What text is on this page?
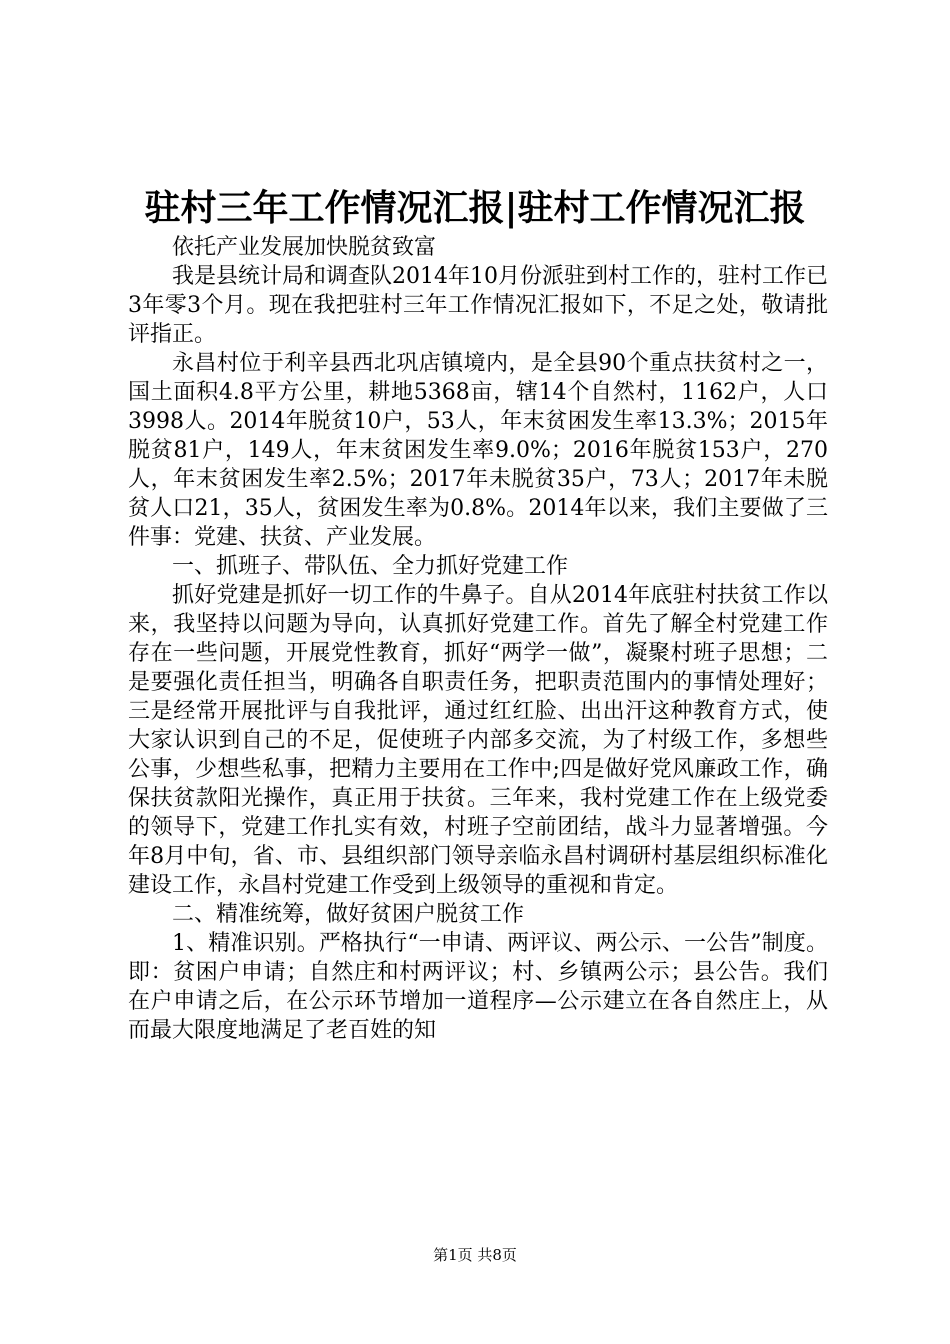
驻村三年工作情况汇报|驻村工作情况汇报

依托产业发展加快脱贫致富

我是县统计局和调查队2014年10月份派驻到村工作的，驻村工作已3年零3个月。现在我把驻村三年工作情况汇报如下，不足之处，敬请批评指正。

永昌村位于利辛县西北巩店镇境内，是全县90个重点扶贫村之一，国土面积4.8平方公里，耕地5368亩，辖14个自然村，1162户，人口3998人。2014年脱贫10户，53人，年末贫困发生率13.3%；2015年脱贫81户，149人，年末贫困发生率9.0%；2016年脱贫153户，270人，年末贫困发生率2.5%；2017年未脱贫35户，73人；2017年未脱贫人口21，35人，贫困发生率为0.8%。2014年以来，我们主要做了三件事：党建、扶贫、产业发展。

一、抓班子、带队伍、全力抓好党建工作

抓好党建是抓好一切工作的牛鼻子。自从2014年底驻村扶贫工作以来，我坚持以问题为导向，认真抓好党建工作。首先了解全村党建工作存在一些问题，开展党性教育，抓好“两学一做”，凝聚村班子思想；二是要强化责任担当，明确各自职责任务，把职责范围内的事情处理好；三是经常开展批评与自我批评，通过红红脸、出出汗这种教育方式，使大家认识到自己的不足，促使班子内部多交流，为了村级工作，多想些公事，少想些私事，把精力主要用在工作中;四是做好党风廉政工作，确保扶贫款阳光操作，真正用于扶贫。三年来，我村党建工作在上级党委的领导下，党建工作扎实有效，村班子空前团结，战斗力显著增强。今年8月中旬，省、市、县组织部门领导亲临永昌村调研村基层组织标准化建设工作，永昌村党建工作受到上级领导的重视和肯定。

二、精准统筹，做好贫困户脱贫工作

1、精准识别。严格执行“一申请、两评议、两公示、一公告”制度。即：贫困户申请；自然庄和村两评议；村、乡镇两公示；县公告。我们在户申请之后，在公示环节增加一道程序—公示建立在各自然庄上，从而最大限度地满足了老百姓的知

第1页 共8页
